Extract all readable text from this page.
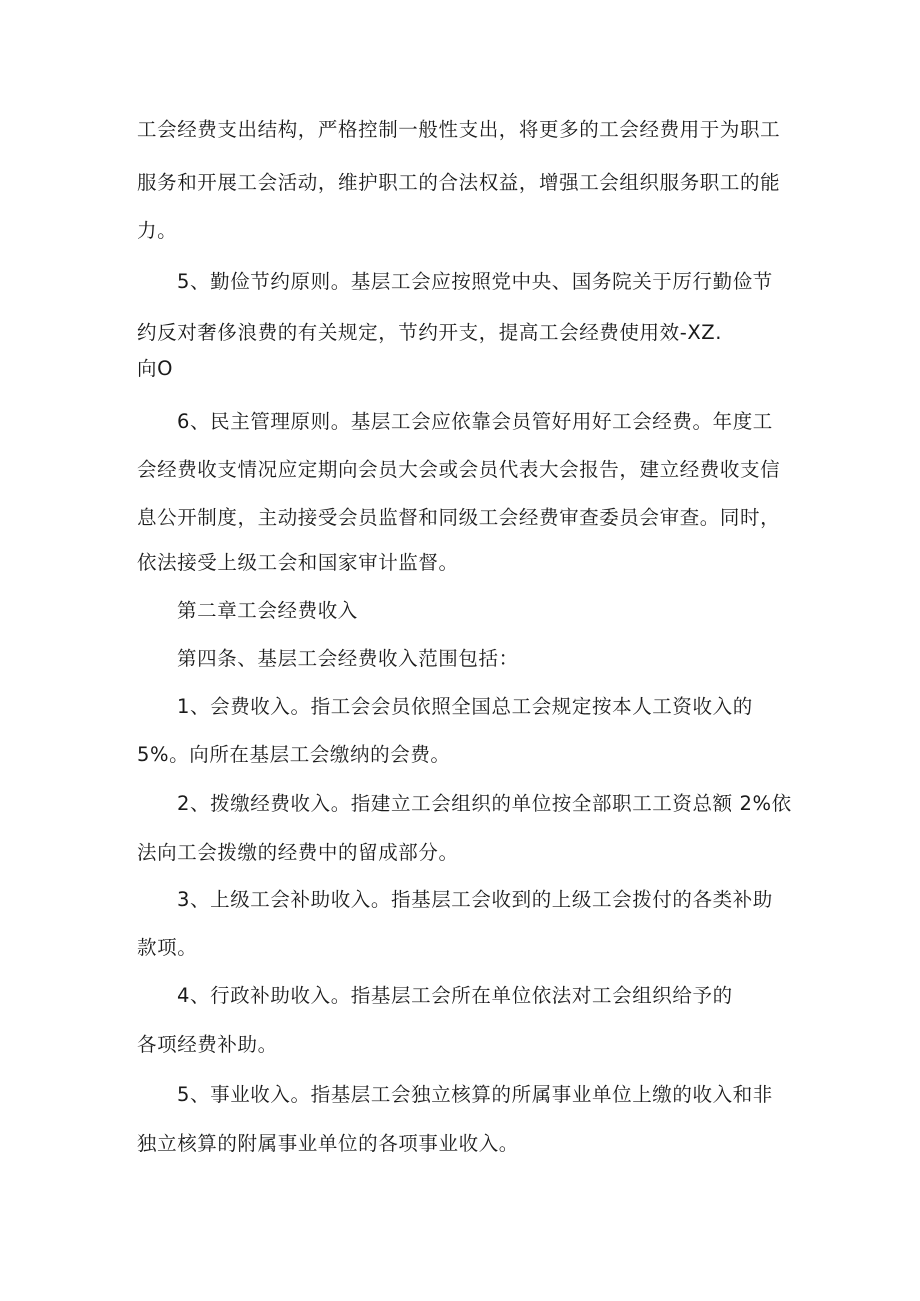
工会经费支出结构，严格控制一般性支出，将更多的工会经费用于为职工
服务和开展工会活动，维护职工的合法权益，增强工会组织服务职工的能
力。
5、勤俭节约原则。基层工会应按照党中央、国务院关于厉行勤俭节
约反对奢侈浪费的有关规定，节约开支，提高工会经费使用效-XZ.
向O
6、民主管理原则。基层工会应依靠会员管好用好工会经费。年度工
会经费收支情况应定期向会员大会或会员代表大会报告，建立经费收支信
息公开制度，主动接受会员监督和同级工会经费审查委员会审查。同时，
依法接受上级工会和国家审计监督。
第二章工会经费收入
第四条、基层工会经费收入范围包括：
1、会费收入。指工会会员依照全国总工会规定按本人工资收入的
5%。向所在基层工会缴纳的会费。
2、拨缴经费收入。指建立工会组织的单位按全部职工工资总额 2%依
法向工会拨缴的经费中的留成部分。
3、上级工会补助收入。指基层工会收到的上级工会拨付的各类补助
款项。
4、行政补助收入。指基层工会所在单位依法对工会组织给予的
各项经费补助。
5、事业收入。指基层工会独立核算的所属事业单位上缴的收入和非
独立核算的附属事业单位的各项事业收入。
